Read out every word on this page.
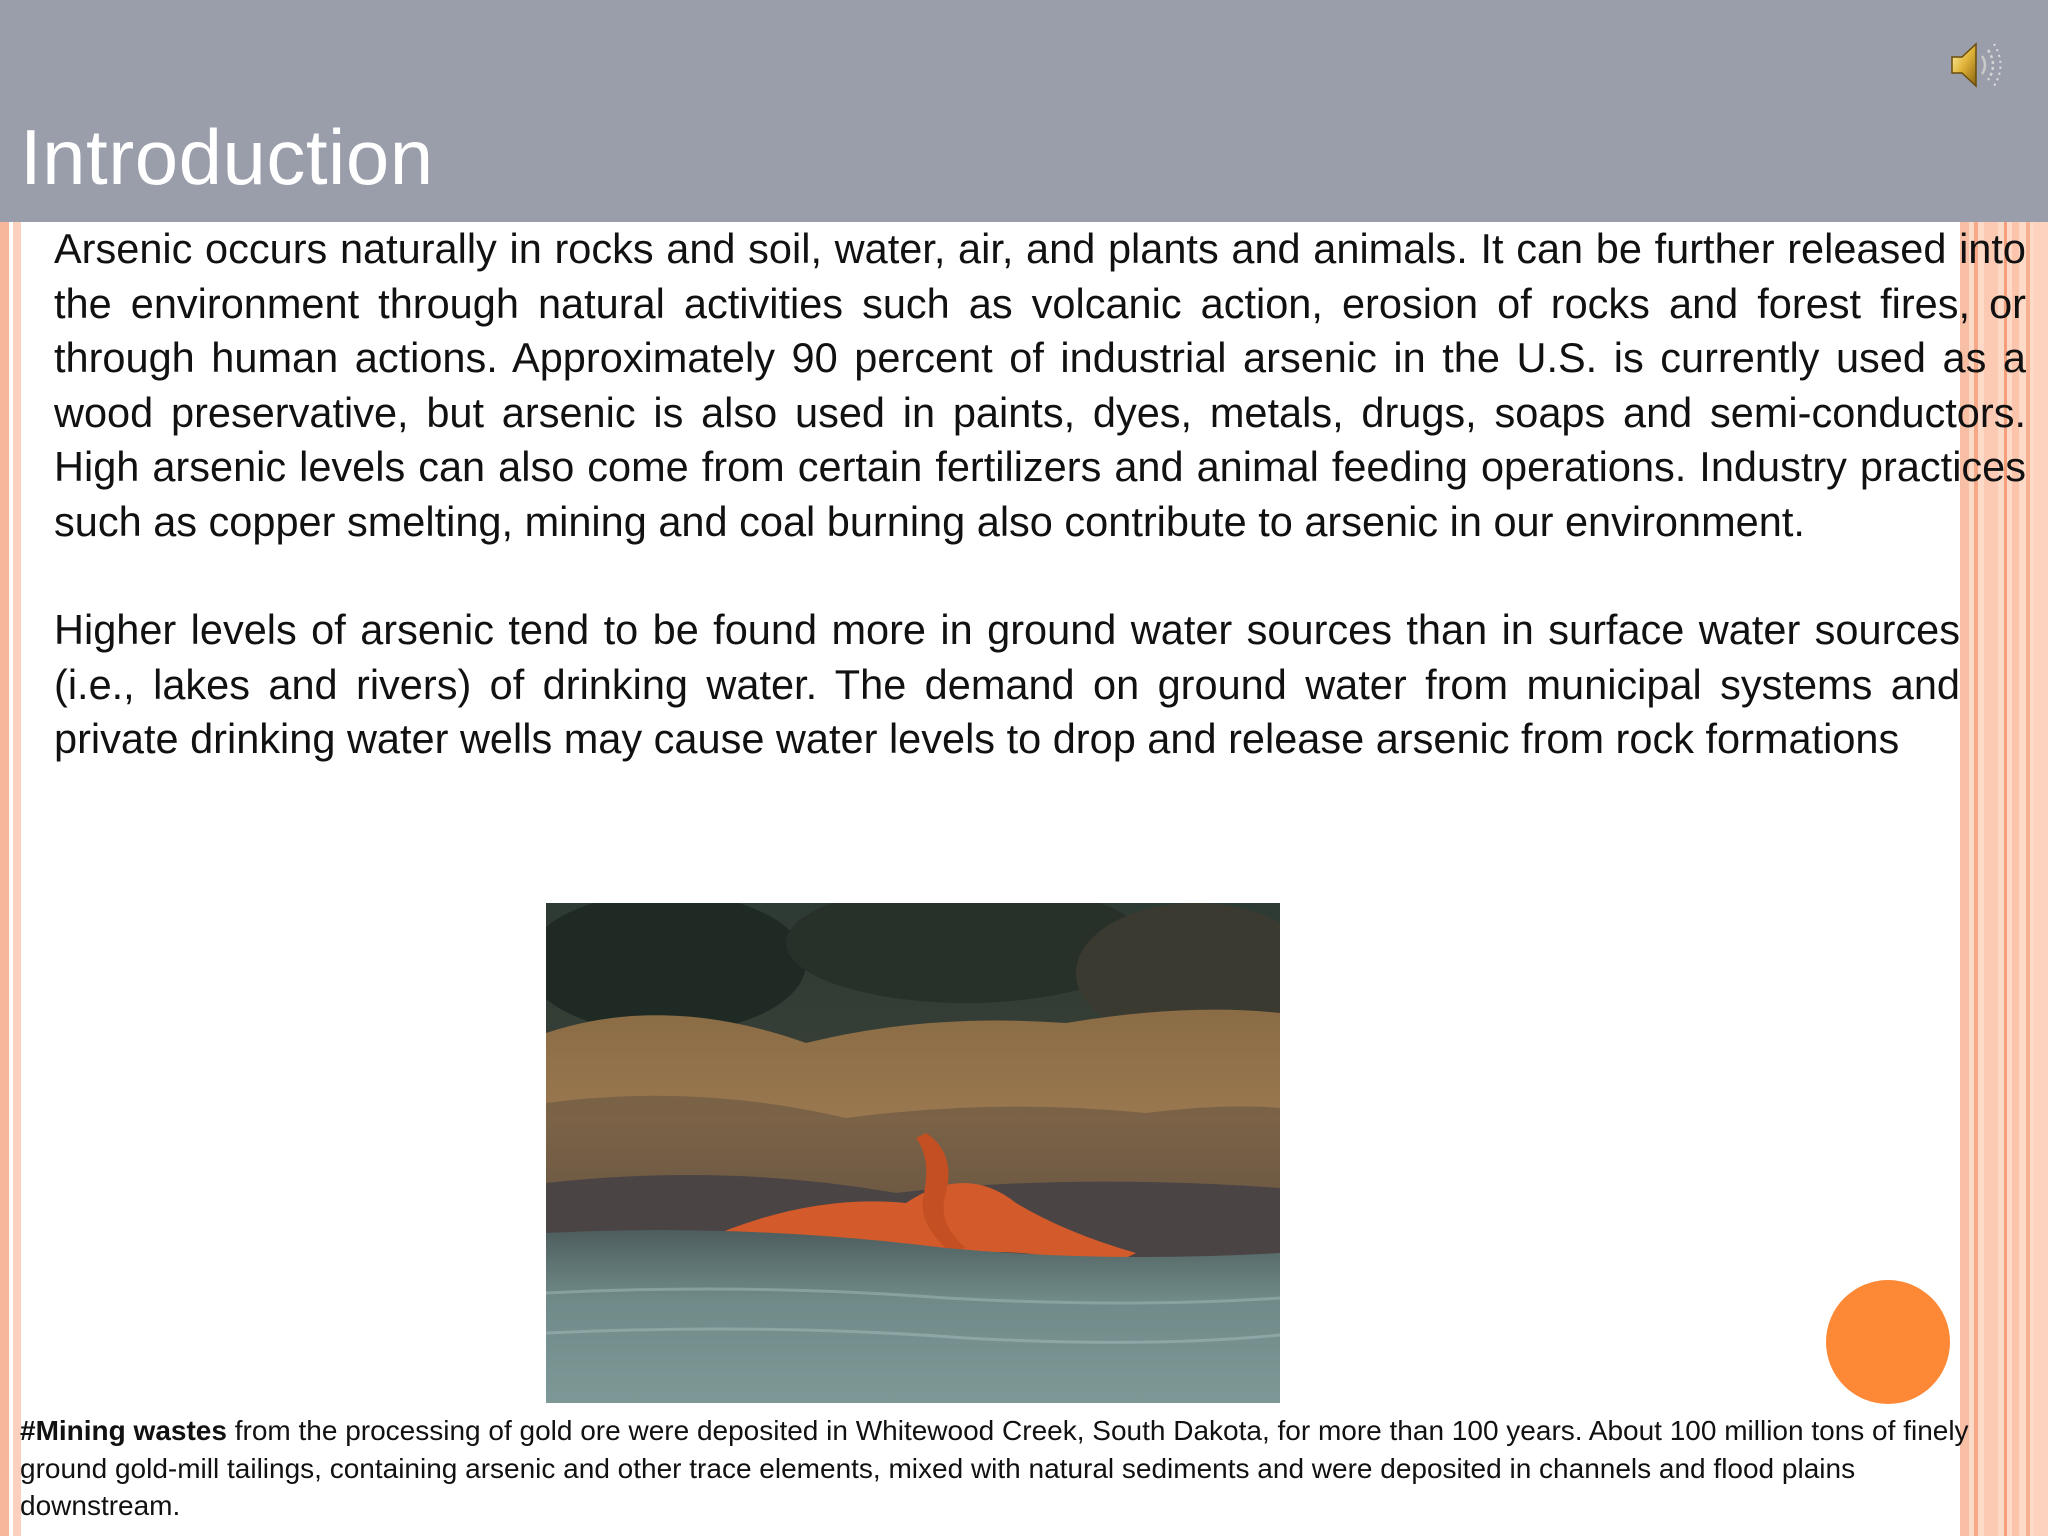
Introduction

Arsenic occurs naturally in rocks and soil, water, air, and plants and animals. It can be further released into the environment through natural activities such as volcanic action, erosion of rocks and forest fires, or through human actions. Approximately 90 percent of industrial arsenic in the U.S. is currently used as a wood preservative, but arsenic is also used in paints, dyes, metals, drugs, soaps and semi-conductors. High arsenic levels can also come from certain fertilizers and animal feeding operations. Industry practices such as copper smelting, mining and coal burning also contribute to arsenic in our environment.

Higher levels of arsenic tend to be found more in ground water sources than in surface water sources (i.e., lakes and rivers) of drinking water. The demand on ground water from municipal systems and private drinking water wells may cause water levels to drop and release arsenic from rock formations

#Mining wastes from the processing of gold ore were deposited in Whitewood Creek, South Dakota, for more than 100 years. About 100 million tons of finely ground gold-mill tailings, containing arsenic and other trace elements, mixed with natural sediments and were deposited in channels and flood plains downstream.
